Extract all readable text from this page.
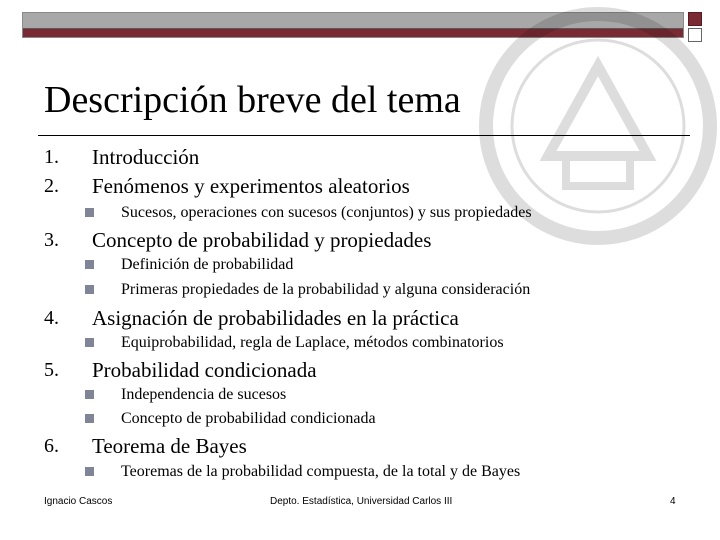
Descripción breve del tema
1. Introducción
2. Fenómenos y experimentos aleatorios
Sucesos, operaciones con sucesos (conjuntos) y sus propiedades
3. Concepto de probabilidad y propiedades
Definición de probabilidad
Primeras propiedades de la probabilidad y alguna consideración
4. Asignación de probabilidades en la práctica
Equiprobabilidad, regla de Laplace, métodos combinatorios
5. Probabilidad condicionada
Independencia de sucesos
Concepto de probabilidad condicionada
6. Teorema de Bayes
Teoremas de la probabilidad compuesta, de la total y de Bayes
Ignacio Cascos	Depto. Estadística, Universidad Carlos III	4
